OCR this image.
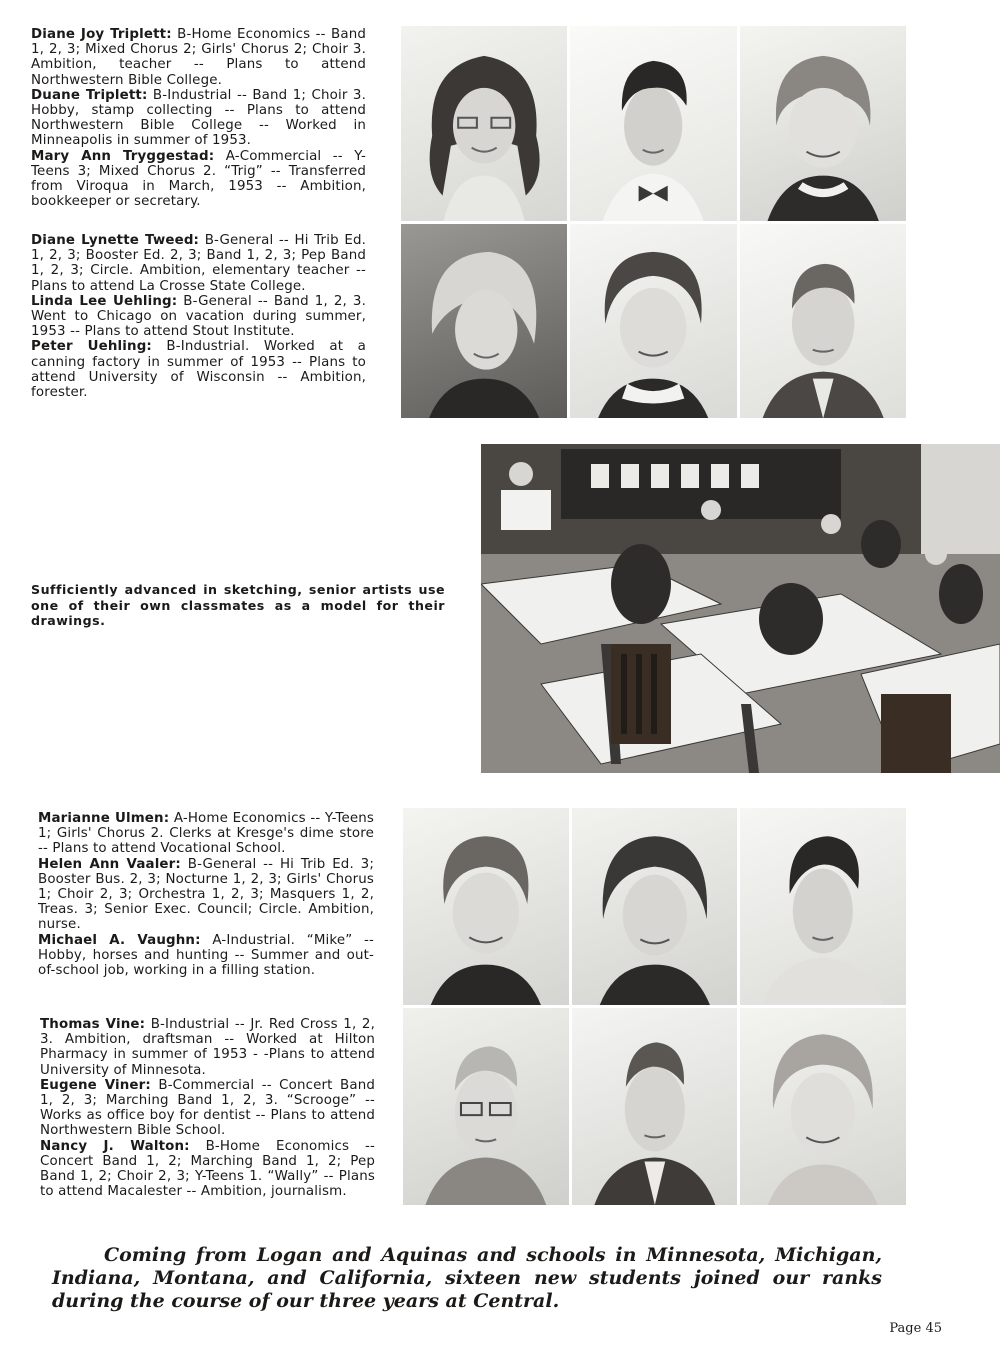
Diane Joy Triplett: B-Home Economics -- Band 1, 2, 3; Mixed Chorus 2; Girls' Chorus 2; Choir 3. Ambition, teacher -- Plans to attend Northwestern Bible College.

Duane Triplett: B-Industrial -- Band 1; Choir 3. Hobby, stamp collecting -- Plans to attend Northwestern Bible College -- Worked in Minneapolis in summer of 1953.

Mary Ann Tryggestad: A-Commercial -- Y-Teens 3; Mixed Chorus 2. “Trig” -- Transferred from Viroqua in March, 1953 -- Ambition, bookkeeper or secretary.

Diane Lynette Tweed: B-General -- Hi Trib Ed. 1, 2, 3; Booster Ed. 2, 3; Band 1, 2, 3; Pep Band 1, 2, 3; Circle. Ambition, elementary teacher -- Plans to attend La Crosse State College.

Linda Lee Uehling: B-General -- Band 1, 2, 3. Went to Chicago on vacation during summer, 1953 -- Plans to attend Stout Institute.

Peter Uehling: B-Industrial. Worked at a canning factory in summer of 1953 -- Plans to attend University of Wisconsin -- Ambition, forester.

Marianne Ulmen: A-Home Economics -- Y-Teens 1; Girls' Chorus 2. Clerks at Kresge's dime store -- Plans to attend Vocational School.

Helen Ann Vaaler: B-General -- Hi Trib Ed. 3; Booster Bus. 2, 3; Nocturne 1, 2, 3; Girls' Chorus 1; Choir 2, 3; Orchestra 1, 2, 3; Masquers 1, 2, Treas. 3; Senior Exec. Council; Circle. Ambition, nurse.

Michael A. Vaughn: A-Industrial. “Mike” -- Hobby, horses and hunting -- Summer and out-of-school job, working in a filling station.

Thomas Vine: B-Industrial -- Jr. Red Cross 1, 2, 3. Ambition, draftsman -- Worked at Hilton Pharmacy in summer of 1953 - -Plans to attend University of Minnesota.

Eugene Viner: B-Commercial -- Concert Band 1, 2, 3; Marching Band 1, 2, 3. “Scrooge” -- Works as office boy for dentist -- Plans to attend Northwestern Bible School.

Nancy J. Walton: B-Home Economics -- Concert Band 1, 2; Marching Band 1, 2; Pep Band 1, 2; Choir 2, 3; Y-Teens 1. “Wally” -- Plans to attend Macalester -- Ambition, journalism.

Sufficiently advanced in sketching, senior artists use one of their own classmates as a model for their drawings.
Coming from Logan and Aquinas and schools in Minnesota, Michigan, Indiana, Montana, and California, sixteen new students joined our ranks during the course of our three years at Central.
Page 45
